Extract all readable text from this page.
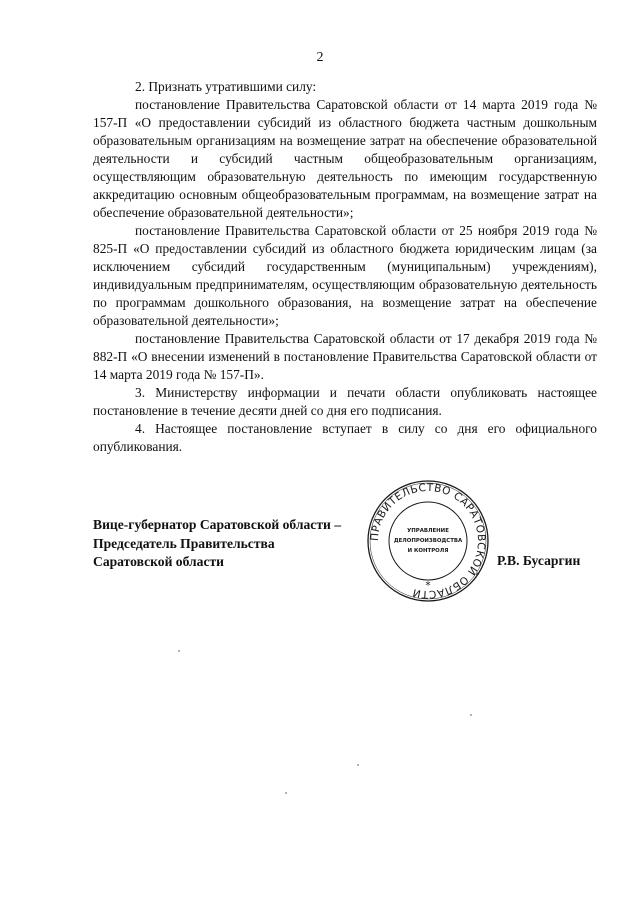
2

2. Признать утратившими силу:

постановление Правительства Саратовской области от 14 марта 2019 года № 157-П «О предоставлении субсидий из областного бюджета частным дошкольным образовательным организациям на возмещение затрат на обеспечение образовательной деятельности и субсидий частным общеобразовательным организациям, осуществляющим образовательную деятельность по имеющим государственную аккредитацию основным общеобразовательным программам, на возмещение затрат на обеспечение образовательной деятельности»;

постановление Правительства Саратовской области от 25 ноября 2019 года № 825-П «О предоставлении субсидий из областного бюджета юридическим лицам (за исключением субсидий государственным (муниципальным) учреждениям), индивидуальным предпринимателям, осуществляющим образовательную деятельность по программам дошкольного образования, на возмещение затрат на обеспечение образовательной деятельности»;

постановление Правительства Саратовской области от 17 декабря 2019 года № 882-П «О внесении изменений в постановление Правительства Саратовской области от 14 марта 2019 года № 157-П».

3. Министерству информации и печати области опубликовать настоящее постановление в течение десяти дней со дня его подписания.

4. Настоящее постановление вступает в силу со дня его официального опубликования.

Вице-губернатор Саратовской области –
Председатель Правительства
Саратовской области
ПРАВИТЕЛЬСТВО САРАТОВСКОЙ ОБЛАСТИ
УПРАВЛЕНИЕ
ДЕЛОПРОИЗВОДСТВА
И КОНТРОЛЯ
*
Р.В. Бусаргин
